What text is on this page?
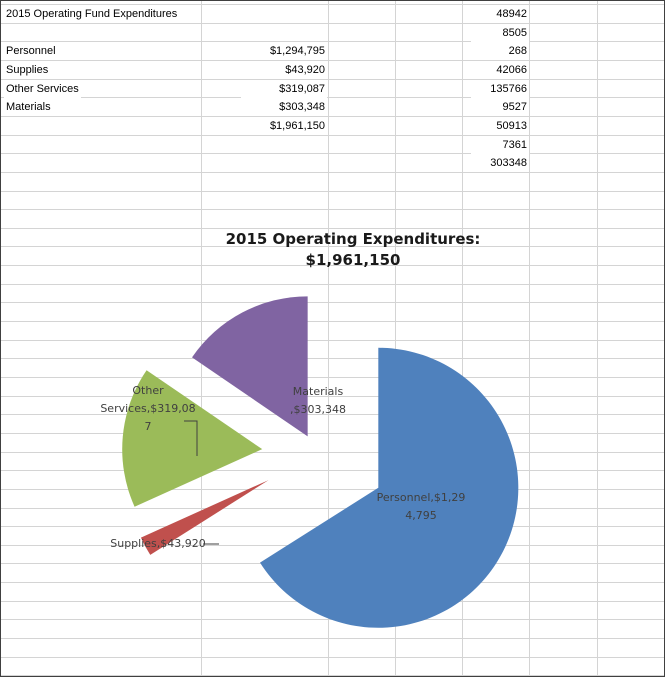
2015 Operating Fund Expenditures
Personnel
Supplies
Other Services
Materials
$1,294,795
$43,920
$319,087
$303,348
$1,961,150
48942
8505
268
42066
135766
9527
50913
7361
303348
2015 Operating Expenditures:
$1,961,150
Personnel,$1,29 4,795
Supplies,$43,920
Other Services,$319,08 7
Materials ,$303,348
